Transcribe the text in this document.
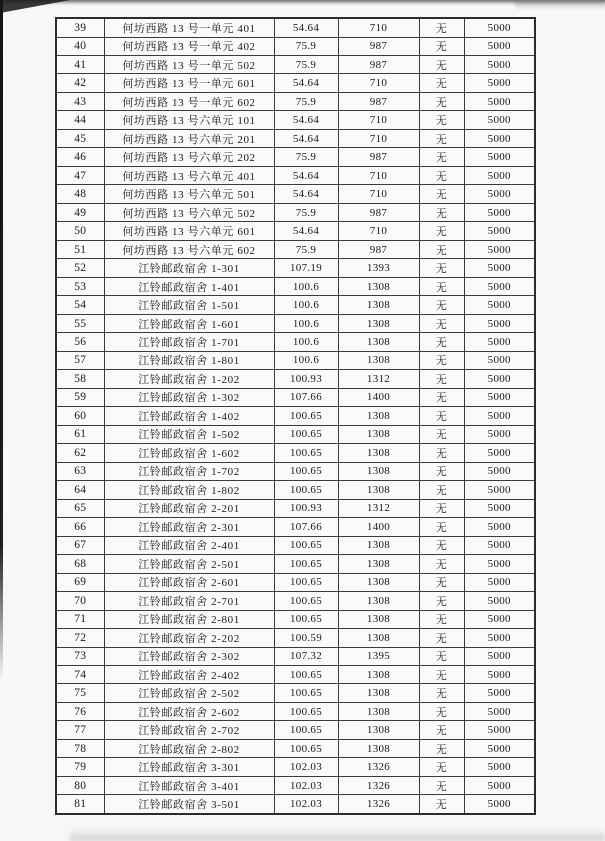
39	何坊西路 13 号一单元 401	54.64	710	无	5000
40	何坊西路 13 号一单元 402	75.9	987	无	5000
41	何坊西路 13 号一单元 502	75.9	987	无	5000
42	何坊西路 13 号一单元 601	54.64	710	无	5000
43	何坊西路 13 号一单元 602	75.9	987	无	5000
44	何坊西路 13 号六单元 101	54.64	710	无	5000
45	何坊西路 13 号六单元 201	54.64	710	无	5000
46	何坊西路 13 号六单元 202	75.9	987	无	5000
47	何坊西路 13 号六单元 401	54.64	710	无	5000
48	何坊西路 13 号六单元 501	54.64	710	无	5000
49	何坊西路 13 号六单元 502	75.9	987	无	5000
50	何坊西路 13 号六单元 601	54.64	710	无	5000
51	何坊西路 13 号六单元 602	75.9	987	无	5000
52	江铃邮政宿舍 1-301	107.19	1393	无	5000
53	江铃邮政宿舍 1-401	100.6	1308	无	5000
54	江铃邮政宿舍 1-501	100.6	1308	无	5000
55	江铃邮政宿舍 1-601	100.6	1308	无	5000
56	江铃邮政宿舍 1-701	100.6	1308	无	5000
57	江铃邮政宿舍 1-801	100.6	1308	无	5000
58	江铃邮政宿舍 1-202	100.93	1312	无	5000
59	江铃邮政宿舍 1-302	107.66	1400	无	5000
60	江铃邮政宿舍 1-402	100.65	1308	无	5000
61	江铃邮政宿舍 1-502	100.65	1308	无	5000
62	江铃邮政宿舍 1-602	100.65	1308	无	5000
63	江铃邮政宿舍 1-702	100.65	1308	无	5000
64	江铃邮政宿舍 1-802	100.65	1308	无	5000
65	江铃邮政宿舍 2-201	100.93	1312	无	5000
66	江铃邮政宿舍 2-301	107.66	1400	无	5000
67	江铃邮政宿舍 2-401	100.65	1308	无	5000
68	江铃邮政宿舍 2-501	100.65	1308	无	5000
69	江铃邮政宿舍 2-601	100.65	1308	无	5000
70	江铃邮政宿舍 2-701	100.65	1308	无	5000
71	江铃邮政宿舍 2-801	100.65	1308	无	5000
72	江铃邮政宿舍 2-202	100.59	1308	无	5000
73	江铃邮政宿舍 2-302	107.32	1395	无	5000
74	江铃邮政宿舍 2-402	100.65	1308	无	5000
75	江铃邮政宿舍 2-502	100.65	1308	无	5000
76	江铃邮政宿舍 2-602	100.65	1308	无	5000
77	江铃邮政宿舍 2-702	100.65	1308	无	5000
78	江铃邮政宿舍 2-802	100.65	1308	无	5000
79	江铃邮政宿舍 3-301	102.03	1326	无	5000
80	江铃邮政宿舍 3-401	102.03	1326	无	5000
81	江铃邮政宿舍 3-501	102.03	1326	无	5000
